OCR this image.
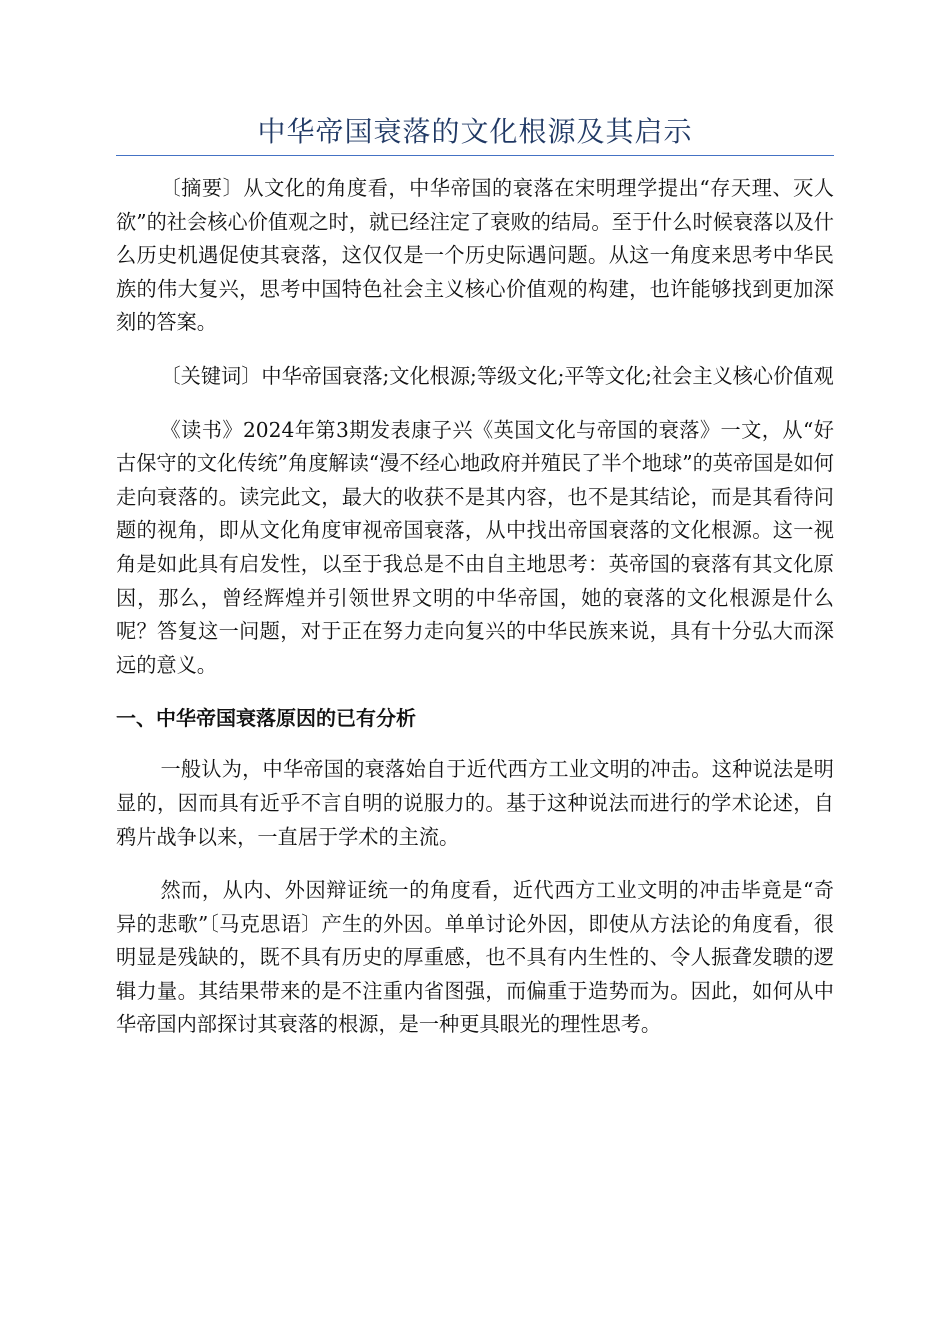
中华帝国衰落的文化根源及其启示

〔摘要〕从文化的角度看，中华帝国的衰落在宋明理学提出“存天理、灭人欲”的社会核心价值观之时，就已经注定了衰败的结局。至于什么时候衰落以及什么历史机遇促使其衰落，这仅仅是一个历史际遇问题。从这一角度来思考中华民族的伟大复兴，思考中国特色社会主义核心价值观的构建，也许能够找到更加深刻的答案。

〔关键词〕中华帝国衰落;文化根源;等级文化;平等文化;社会主义核心价值观

《读书》2024年第3期发表康子兴《英国文化与帝国的衰落》一文，从“好古保守的文化传统”角度解读“漫不经心地政府并殖民了半个地球”的英帝国是如何走向衰落的。读完此文，最大的收获不是其内容，也不是其结论，而是其看待问题的视角，即从文化角度审视帝国衰落，从中找出帝国衰落的文化根源。这一视角是如此具有启发性，以至于我总是不由自主地思考：英帝国的衰落有其文化原因，那么，曾经辉煌并引领世界文明的中华帝国，她的衰落的文化根源是什么呢？答复这一问题，对于正在努力走向复兴的中华民族来说，具有十分弘大而深远的意义。

一、中华帝国衰落原因的已有分析

一般认为，中华帝国的衰落始自于近代西方工业文明的冲击。这种说法是明显的，因而具有近乎不言自明的说服力的。基于这种说法而进行的学术论述，自鸦片战争以来，一直居于学术的主流。

然而，从内、外因辩证统一的角度看，近代西方工业文明的冲击毕竟是“奇异的悲歌”〔马克思语〕产生的外因。单单讨论外因，即使从方法论的角度看，很明显是残缺的，既不具有历史的厚重感，也不具有内生性的、令人振聋发聩的逻辑力量。其结果带来的是不注重内省图强，而偏重于造势而为。因此，如何从中华帝国内部探讨其衰落的根源，是一种更具眼光的理性思考。
